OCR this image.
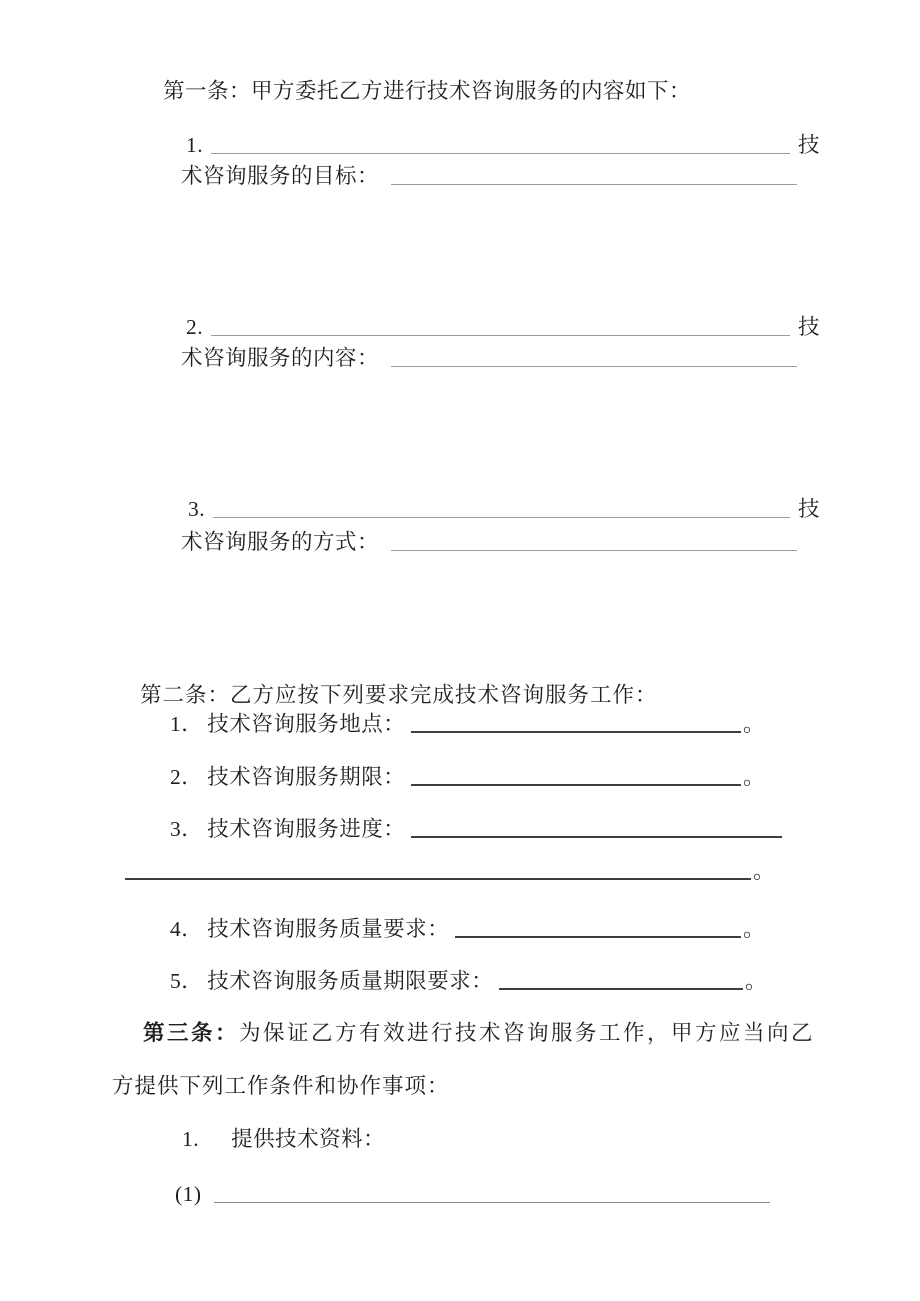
第一条：甲方委托乙方进行技术咨询服务的内容如下：
1.	技
术咨询服务的目标：
2.	技
术咨询服务的内容：
3.	技
术咨询服务的方式：
第二条：乙方应按下列要求完成技术咨询服务工作：
1． 技术咨询服务地点：	。
2． 技术咨询服务期限：	。
3． 技术咨询服务进度：
。
4． 技术咨询服务质量要求：	。
5． 技术咨询服务质量期限要求：	。
第三条：为保证乙方有效进行技术咨询服务工作，甲方应当向乙
方提供下列工作条件和协作事项：
1. 提供技术资料：
(1)
